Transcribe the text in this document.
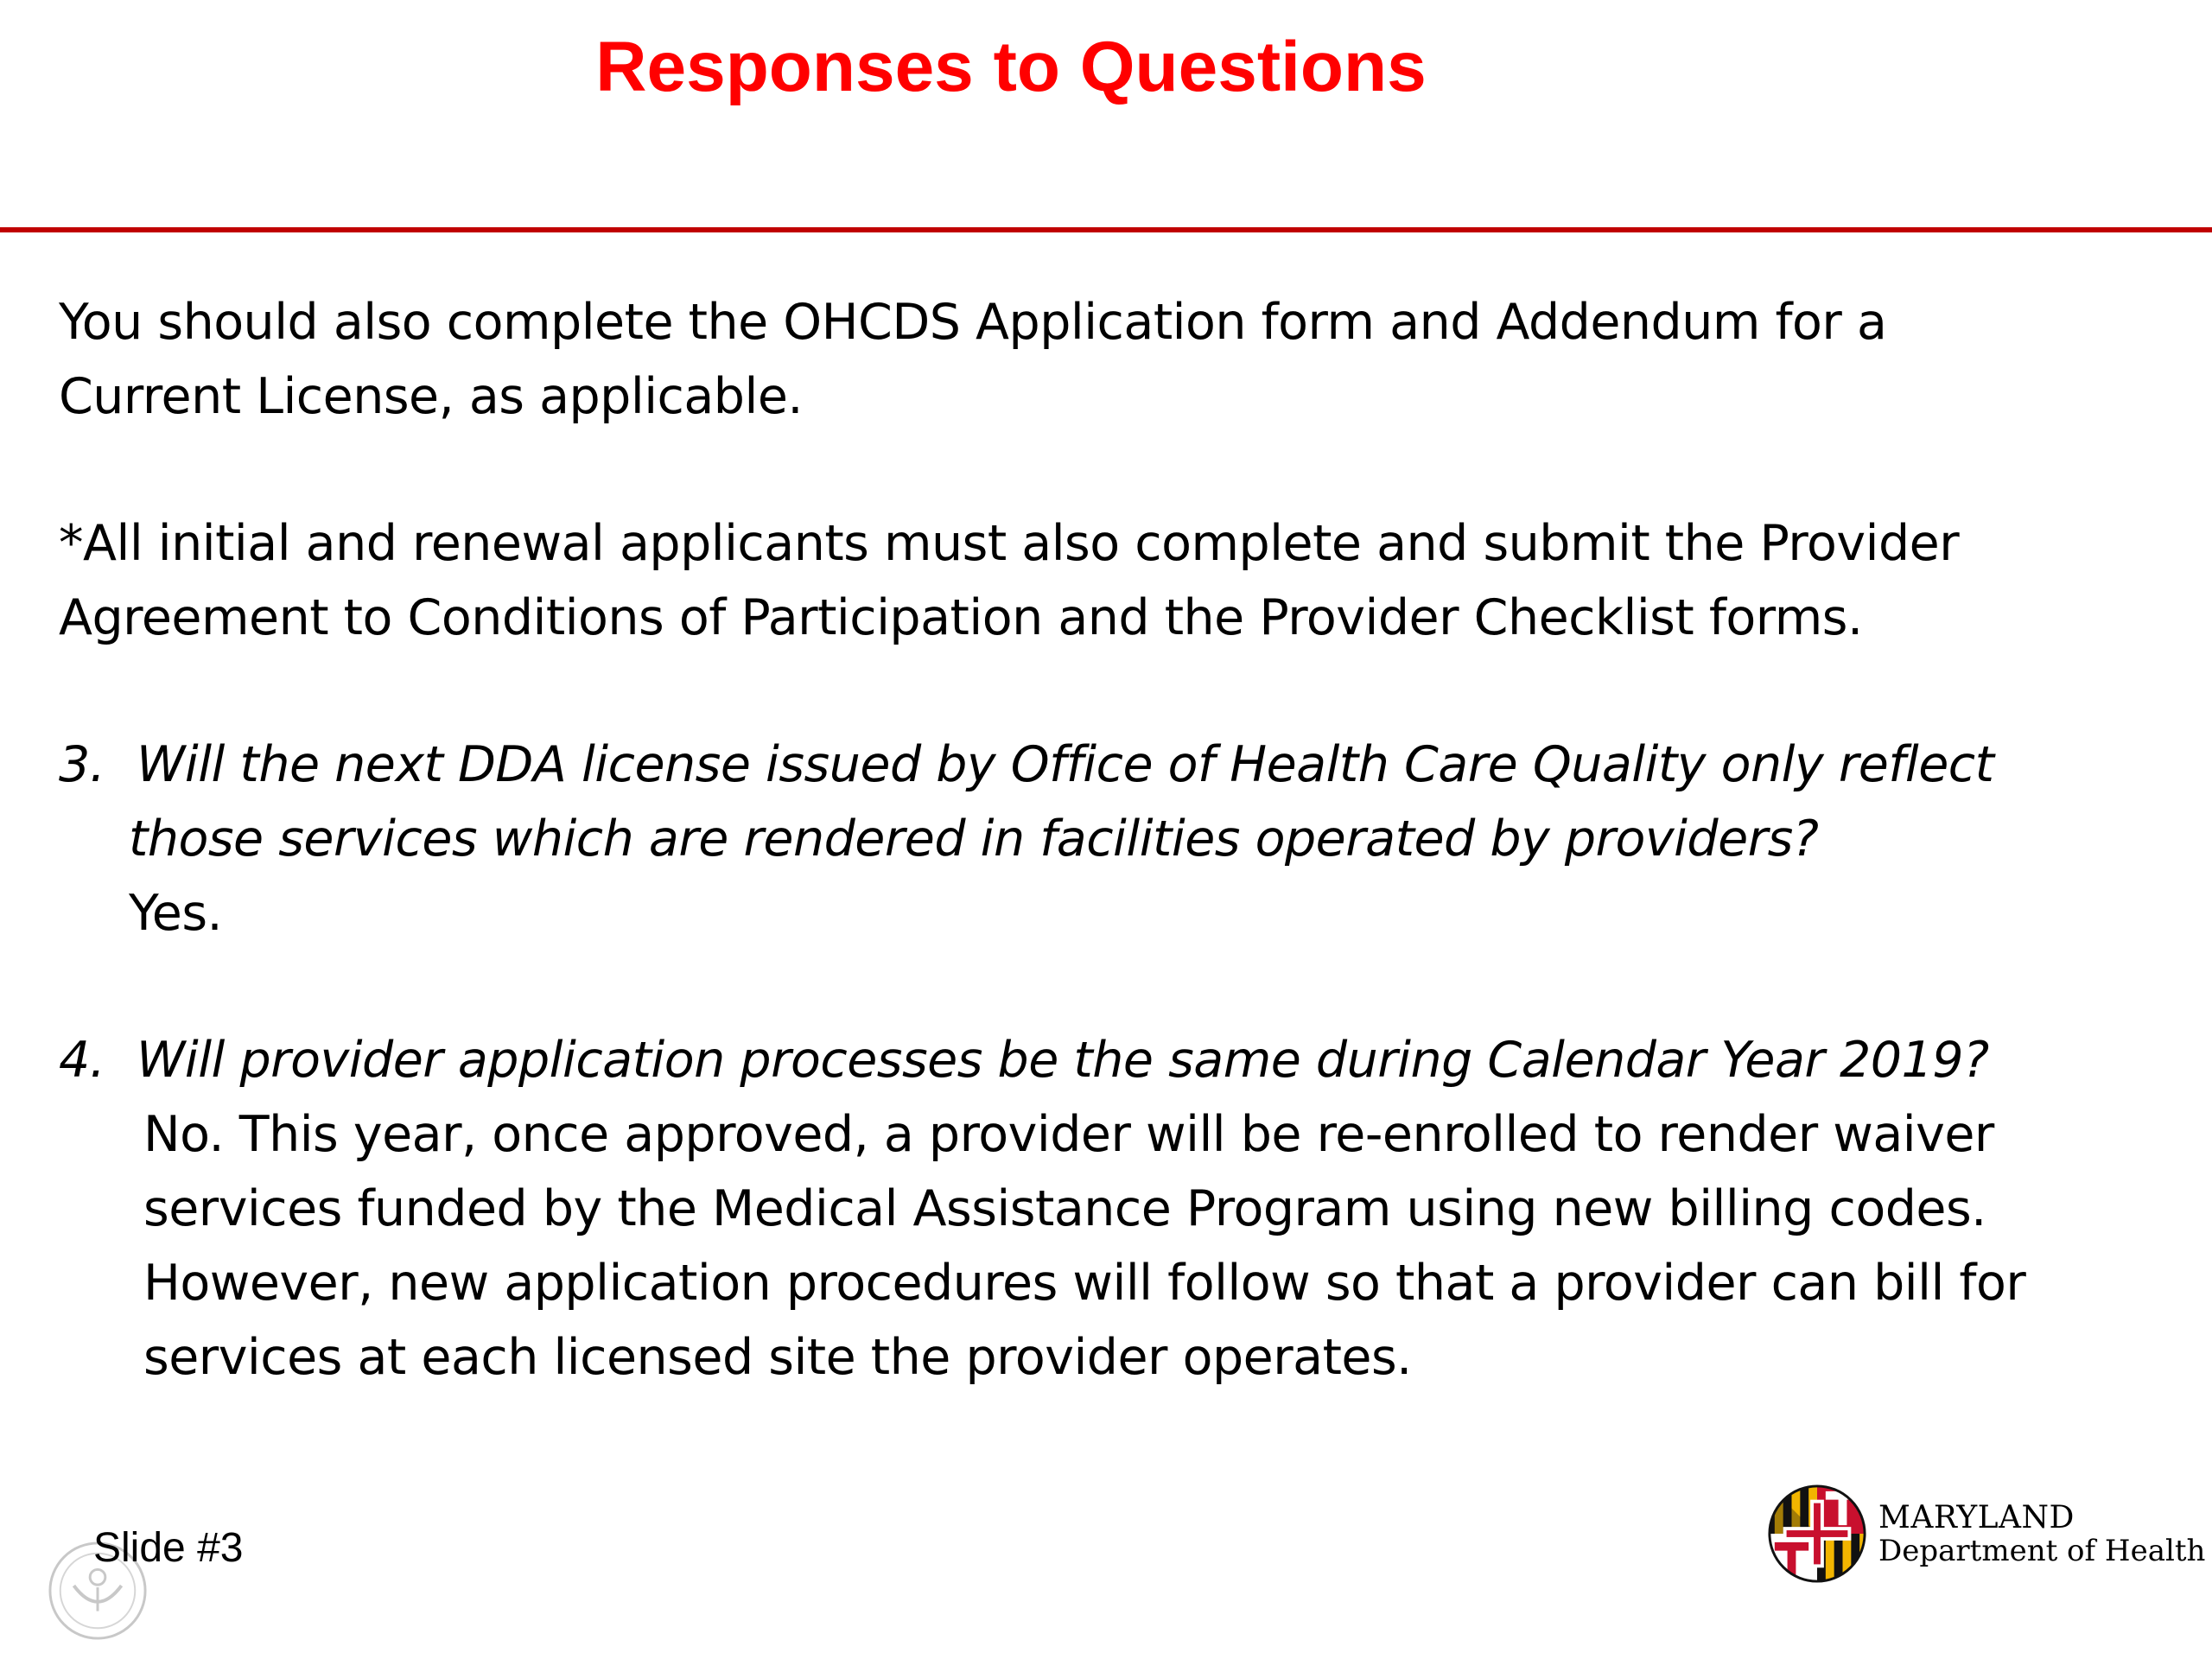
Responses to Questions

You should also complete the OHCDS Application form and Addendum for a

Current License, as applicable.

*All initial and renewal applicants must also complete and submit the Provider

Agreement to Conditions of Participation and the Provider Checklist forms.

3. Will the next DDA license issued by Office of Health Care Quality only reflect

those services which are rendered in facilities operated by providers?

Yes.

4. Will provider application processes be the same during Calendar Year 2019?

No. This year, once approved, a provider will be re-enrolled to render waiver

services funded by the Medical Assistance Program using new billing codes.

However, new application procedures will follow so that a provider can bill for

services at each licensed site the provider operates.

Slide #3
MARYLAND
Department of Health
